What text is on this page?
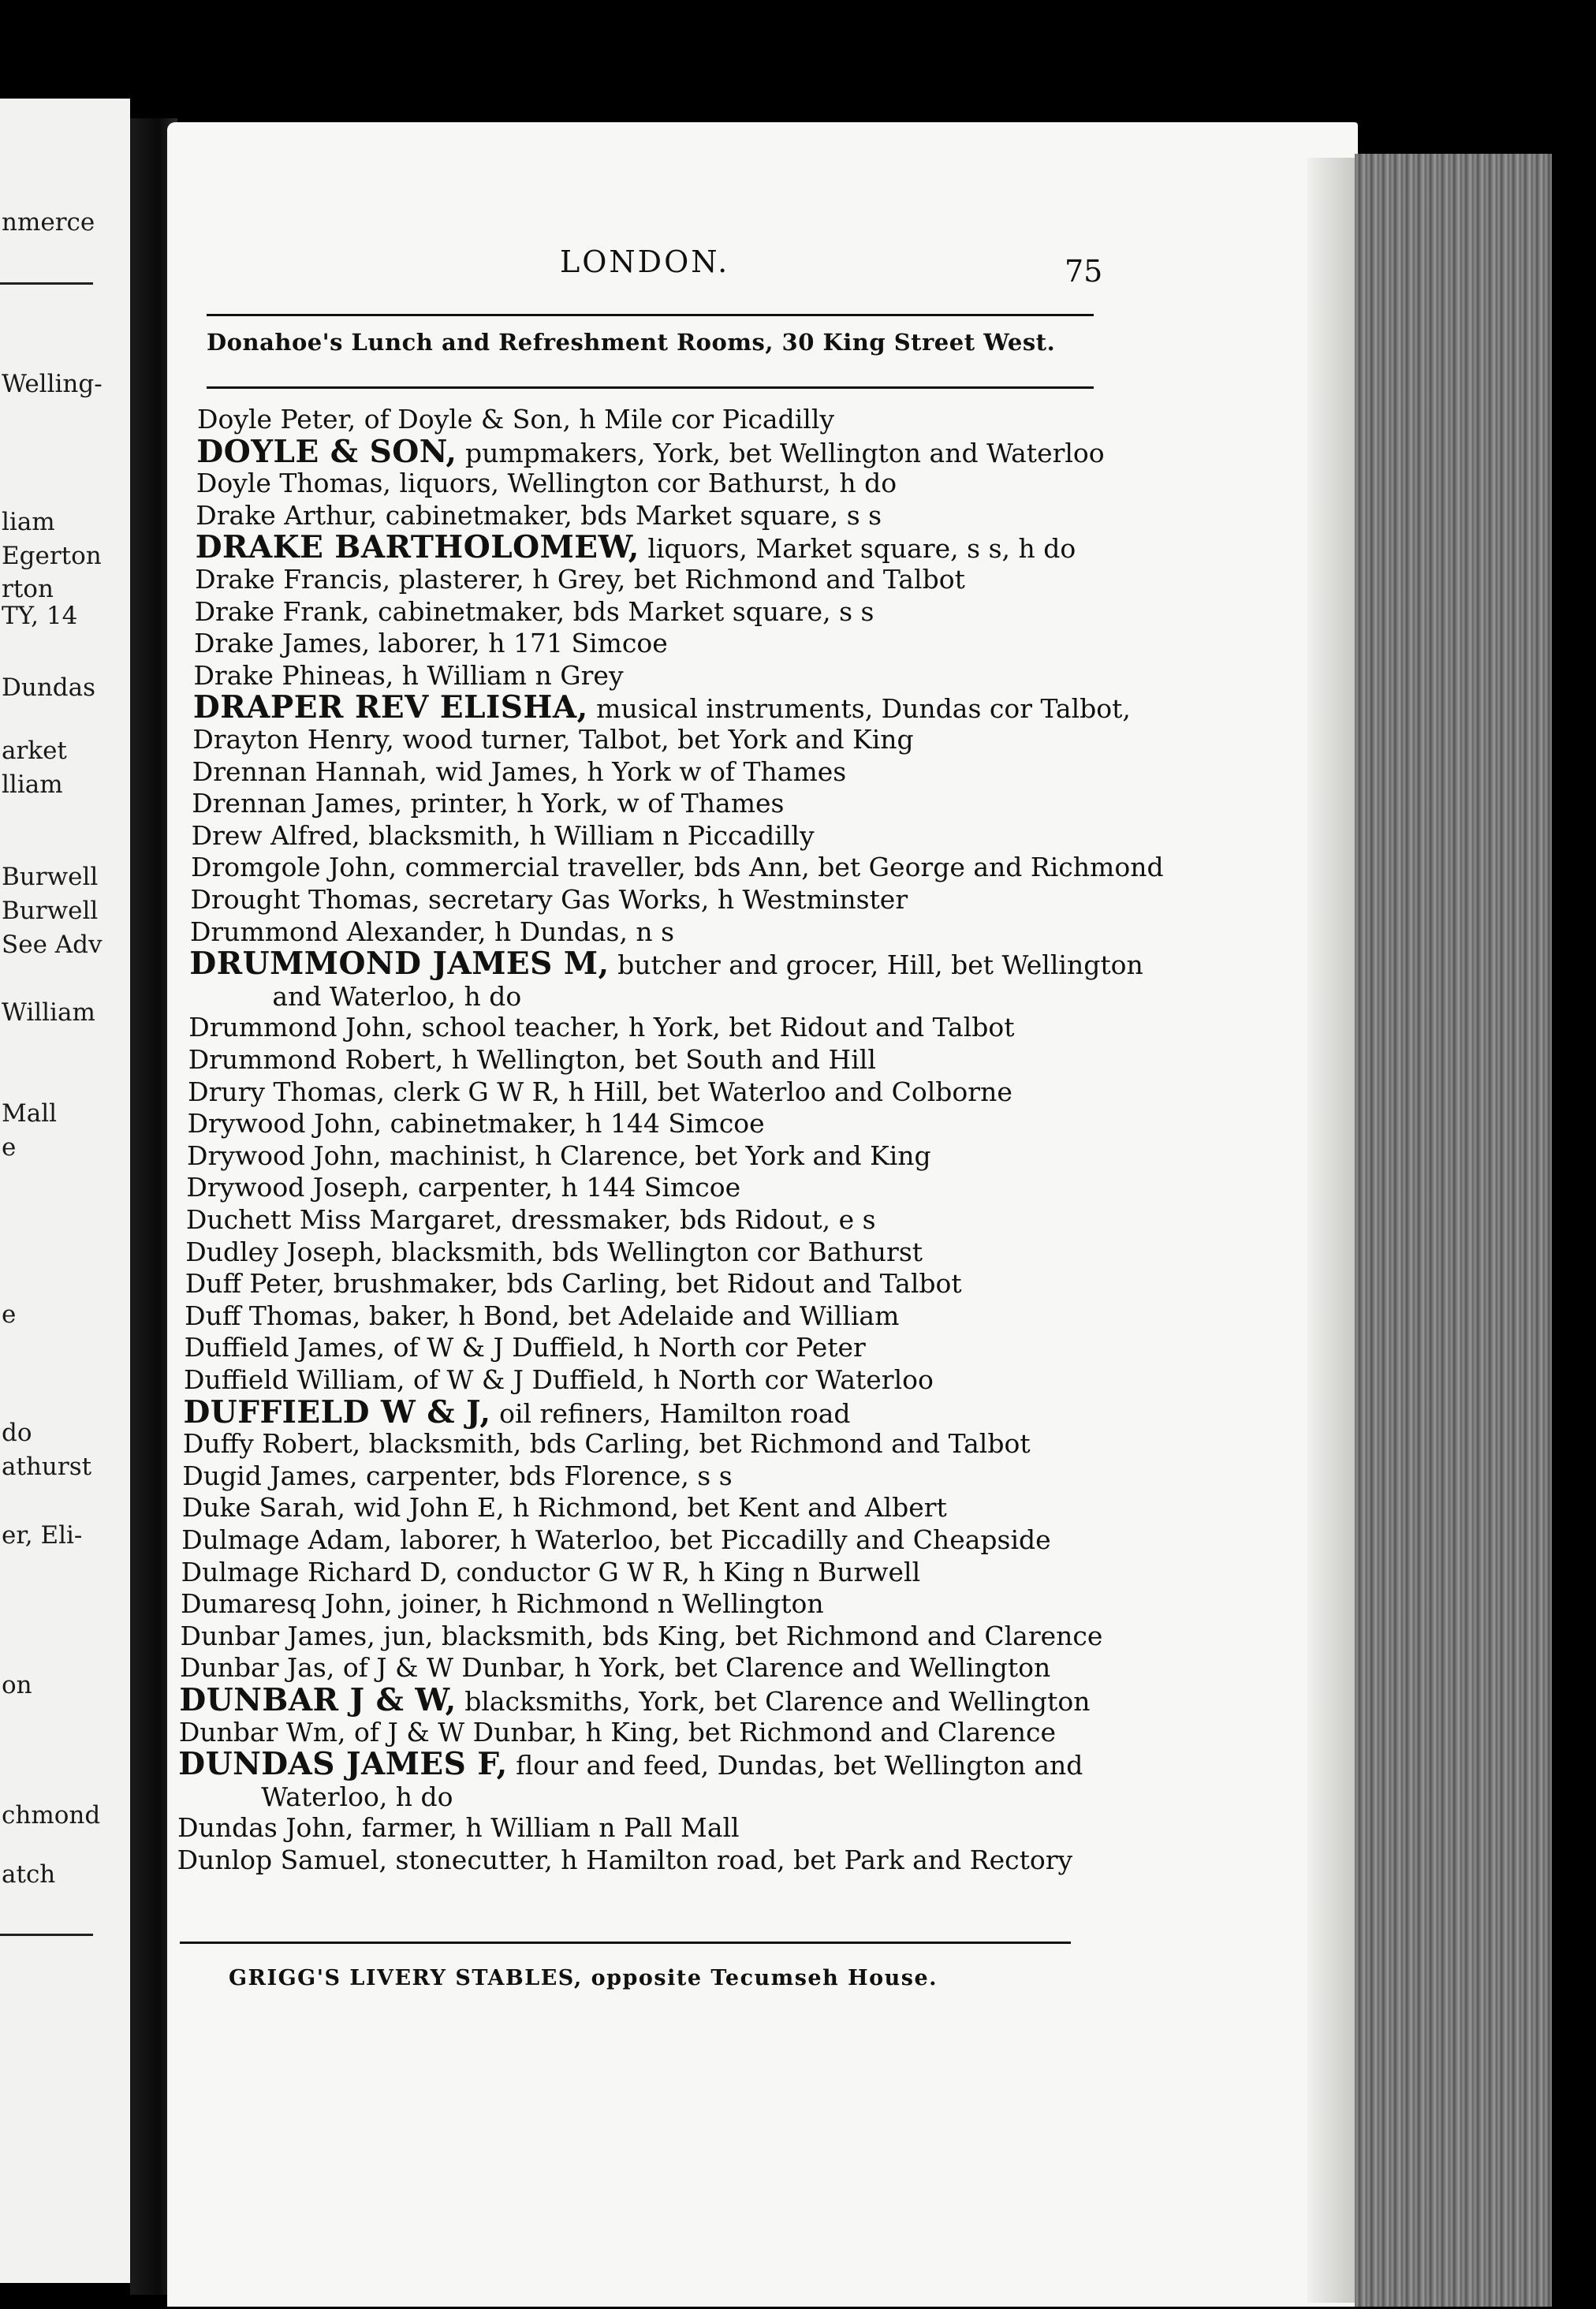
nmerce
Welling-
liam
Egerton
rton
TY, 14
Dundas
arket
lliam
Burwell
Burwell
See Adv
William
Mall
e
e
do
athurst
er, Eli-
on
chmond
atch
LONDON.	75
Donahoe's Lunch and Refreshment Rooms, 30 King Street West.
Doyle Peter, of Doyle & Son, h Mile cor Picadilly
DOYLE & SON, pumpmakers, York, bet Wellington and Waterloo
Doyle Thomas, liquors, Wellington cor Bathurst, h do
Drake Arthur, cabinetmaker, bds Market square, s s
DRAKE BARTHOLOMEW, liquors, Market square, s s, h do
Drake Francis, plasterer, h Grey, bet Richmond and Talbot
Drake Frank, cabinetmaker, bds Market square, s s
Drake James, laborer, h 171 Simcoe
Drake Phineas, h William n Grey
DRAPER REV ELISHA, musical instruments, Dundas cor Talbot,
Drayton Henry, wood turner, Talbot, bet York and King
Drennan Hannah, wid James, h York w of Thames
Drennan James, printer, h York, w of Thames
Drew Alfred, blacksmith, h William n Piccadilly
Dromgole John, commercial traveller, bds Ann, bet George and Richmond
Drought Thomas, secretary Gas Works, h Westminster
Drummond Alexander, h Dundas, n s
DRUMMOND JAMES M, butcher and grocer, Hill, bet Wellington
and Waterloo, h do
Drummond John, school teacher, h York, bet Ridout and Talbot
Drummond Robert, h Wellington, bet South and Hill
Drury Thomas, clerk G W R, h Hill, bet Waterloo and Colborne
Drywood John, cabinetmaker, h 144 Simcoe
Drywood John, machinist, h Clarence, bet York and King
Drywood Joseph, carpenter, h 144 Simcoe
Duchett Miss Margaret, dressmaker, bds Ridout, e s
Dudley Joseph, blacksmith, bds Wellington cor Bathurst
Duff Peter, brushmaker, bds Carling, bet Ridout and Talbot
Duff Thomas, baker, h Bond, bet Adelaide and William
Duffield James, of W & J Duffield, h North cor Peter
Duffield William, of W & J Duffield, h North cor Waterloo
DUFFIELD W & J, oil refiners, Hamilton road
Duffy Robert, blacksmith, bds Carling, bet Richmond and Talbot
Dugid James, carpenter, bds Florence, s s
Duke Sarah, wid John E, h Richmond, bet Kent and Albert
Dulmage Adam, laborer, h Waterloo, bet Piccadilly and Cheapside
Dulmage Richard D, conductor G W R, h King n Burwell
Dumaresq John, joiner, h Richmond n Wellington
Dunbar James, jun, blacksmith, bds King, bet Richmond and Clarence
Dunbar Jas, of J & W Dunbar, h York, bet Clarence and Wellington
DUNBAR J & W, blacksmiths, York, bet Clarence and Wellington
Dunbar Wm, of J & W Dunbar, h King, bet Richmond and Clarence
DUNDAS JAMES F, flour and feed, Dundas, bet Wellington and
Waterloo, h do
Dundas John, farmer, h William n Pall Mall
Dunlop Samuel, stonecutter, h Hamilton road, bet Park and Rectory
GRIGG'S LIVERY STABLES, opposite Tecumseh House.
